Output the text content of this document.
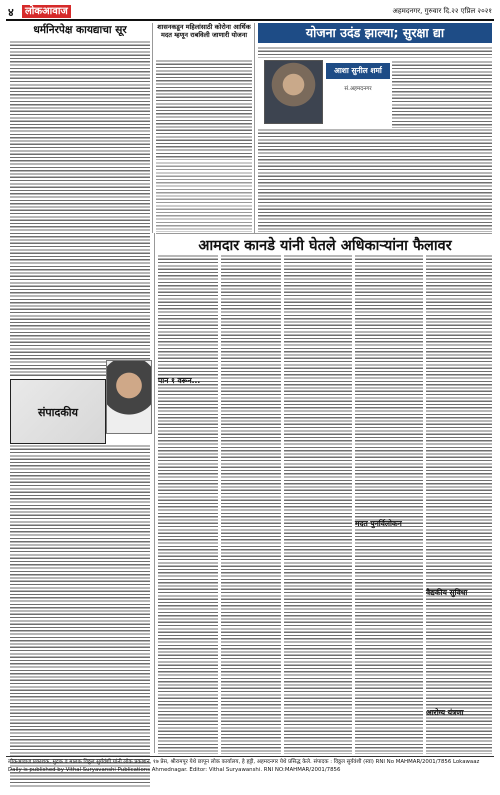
४	लोकआवाज	अहमदनगर, गुरुवार दि.२२ एप्रिल २०२१
धर्मनिरपेक्ष कायद्याचा सूर	शासनकडून महिलांसाठी कोरोना आर्थिक मदत म्हणून राबविली जाणारी योजना	योजना उदंड झाल्या; सुरक्षा द्या
आशा सुनील शर्मा
सं.अहमदनगर
आमदार कानडे यांनी घेतले अधिकाऱ्यांना फैलावर
पान १ वरून...
मदत पुनर्विलोकन
वैद्यकीय सुविधा
आरोग्य यंत्रणा
संपादकीय
लोकआवाज प्रकाशक, मुद्रक व मालक विठ्ठल सुर्यवंशी यांनी लोक प्रकाशन, १७ प्रेस, श्रीरामपूर येथे छापून लोक कार्यालय, हे हट्टी, अहमदनगर येथे प्रसिद्ध केले. संपादक : विठ्ठल सुर्यवंशी (स्वा) RNI No MAHMAR/2001/7856 Lokawaaz Daily is published by Vithal Suryavanshi Publications Ahmednagar. Editor: Vithal Suryawanshi. RNI NO:MAHMAR/2001/7856
